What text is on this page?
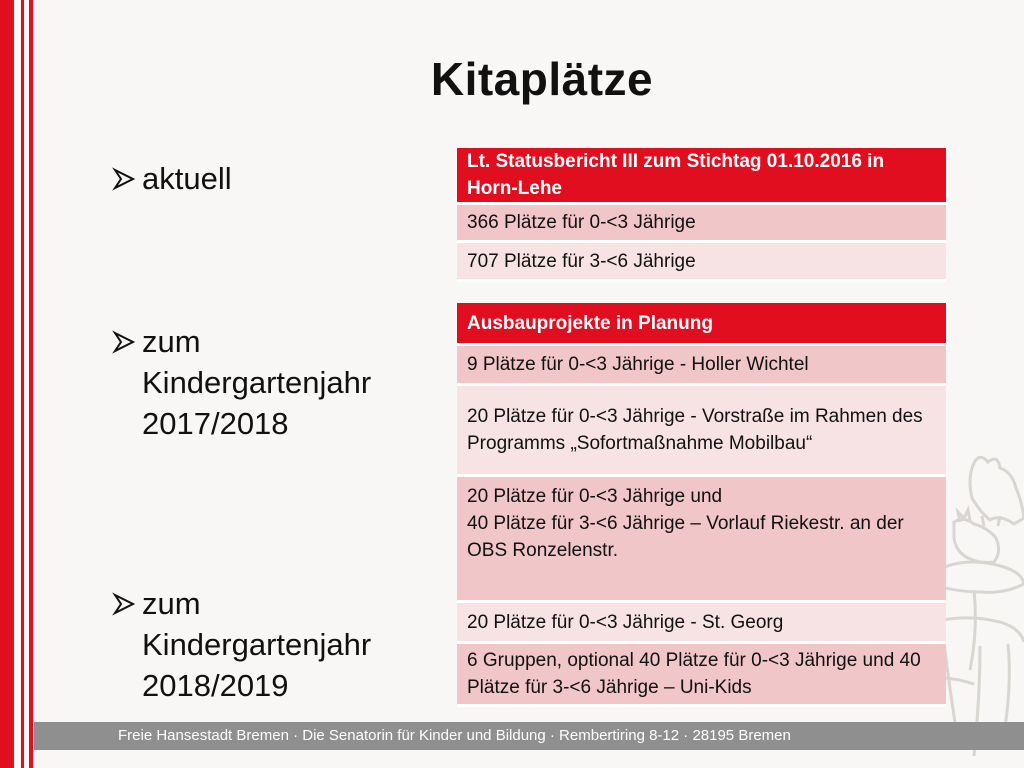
Kitaplätze
aktuell
zum Kindergartenjahr 2017/2018
zum Kindergartenjahr 2018/2019
Lt. Statusbericht III zum Stichtag 01.10.2016 in Horn-Lehe
366 Plätze für 0-<3 Jährige
707 Plätze für 3-<6 Jährige
Ausbauprojekte in Planung
9 Plätze für 0-<3 Jährige - Holler Wichtel
20 Plätze für 0-<3 Jährige - Vorstraße im Rahmen des Programms „Sofortmaßnahme Mobilbau“
20 Plätze für 0-<3 Jährige und
40 Plätze für 3-<6 Jährige – Vorlauf Riekestr. an der OBS Ronzelenstr.
20 Plätze für 0-<3 Jährige - St. Georg
6 Gruppen, optional 40 Plätze für 0-<3 Jährige und 40 Plätze für 3-<6 Jährige – Uni-Kids
Freie Hansestadt Bremen · Die Senatorin für Kinder und Bildung · Rembertiring 8-12 · 28195 Bremen
